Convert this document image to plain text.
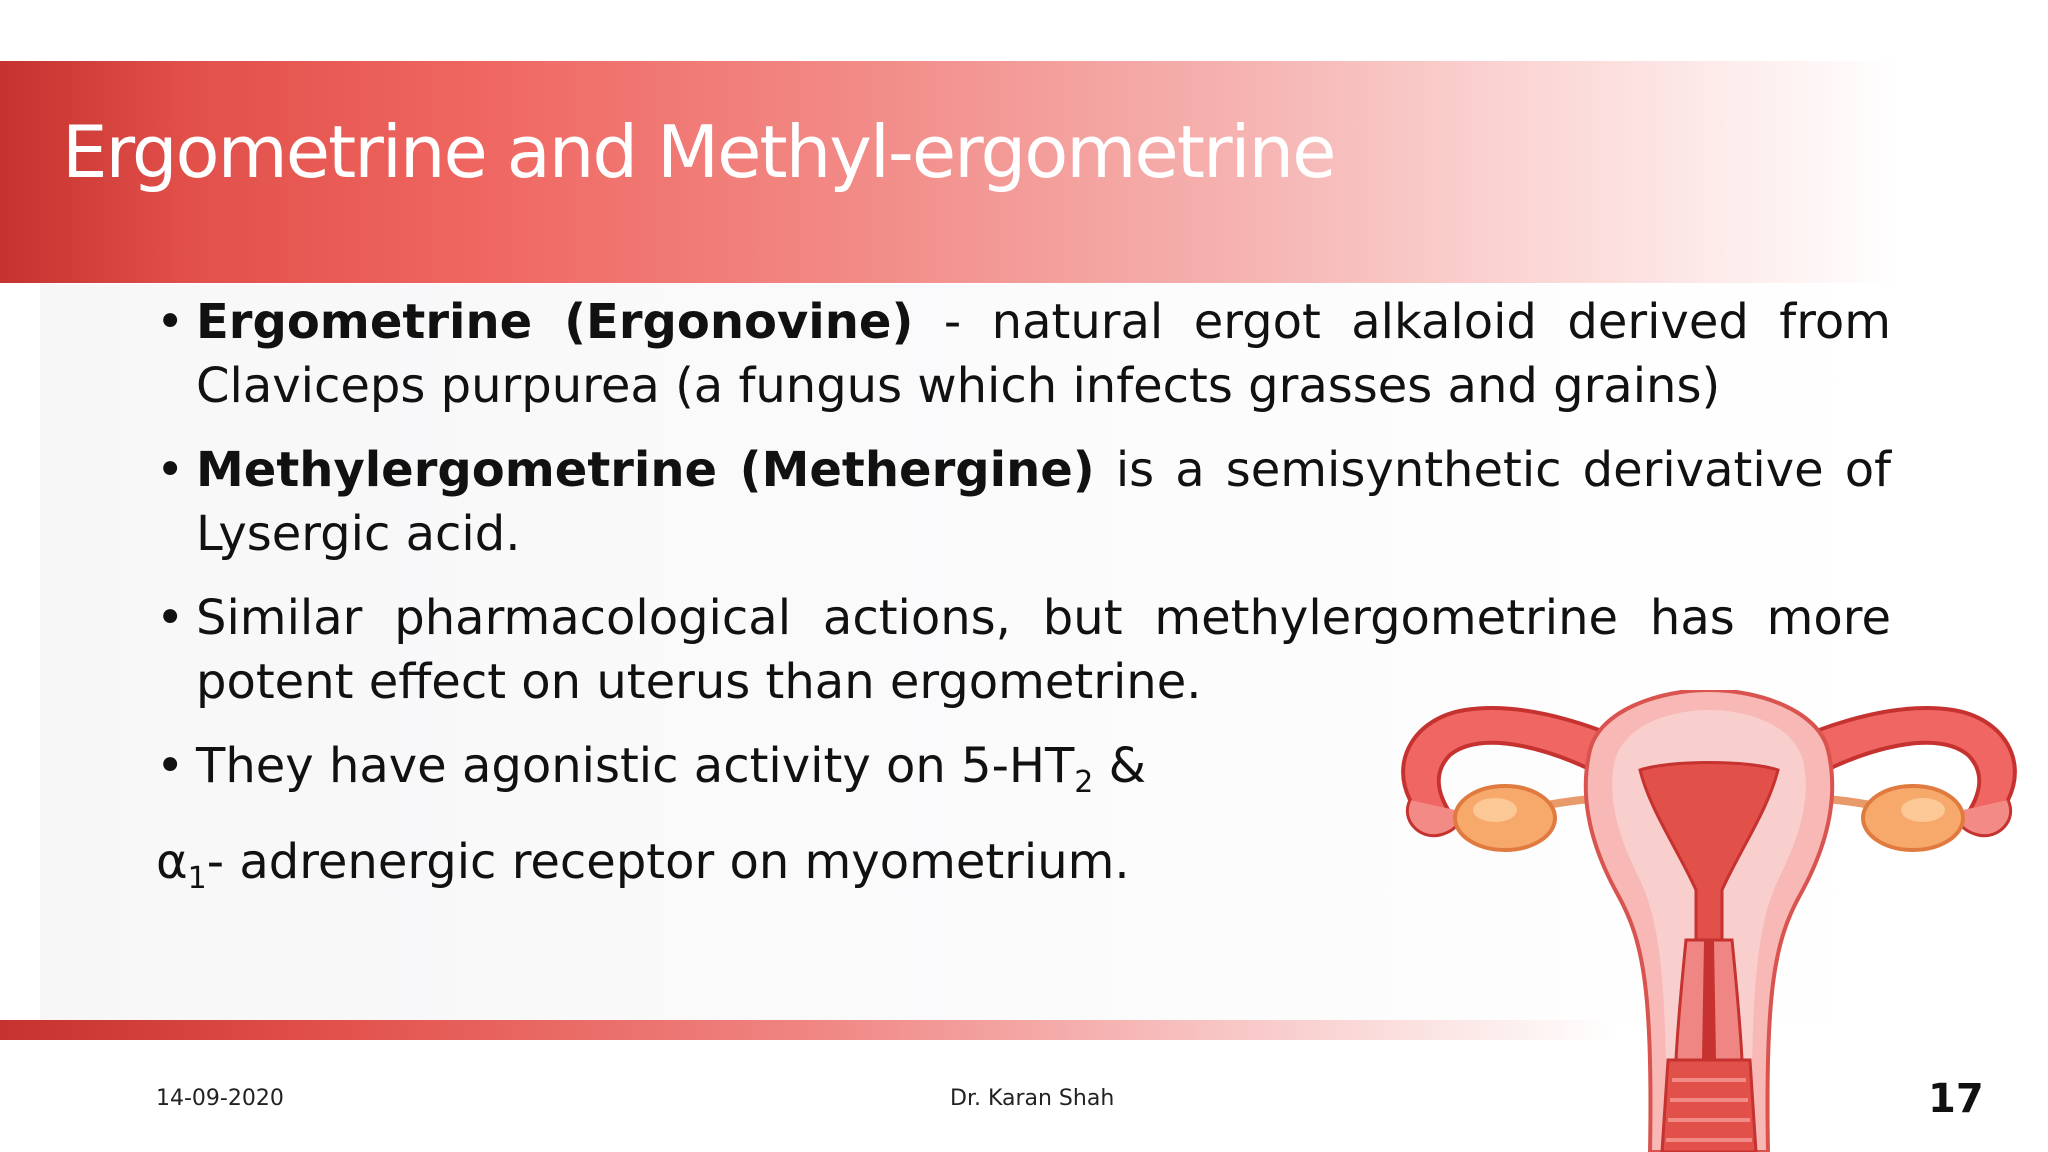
Ergometrine and Methyl-ergometrine
• Ergometrine (Ergonovine) - natural ergot alkaloid derived from Claviceps purpurea (a fungus which infects grasses and grains)
• Methylergometrine (Methergine) is a semisynthetic derivative of Lysergic acid.
• Similar pharmacological actions, but methylergometrine has more potent effect on uterus than ergometrine.
• They have agonistic activity on $5-HT_2$ &
$\alpha_1-$ adrenergic receptor on myometrium.
14-09-2020	Dr. Karan Shah	17
